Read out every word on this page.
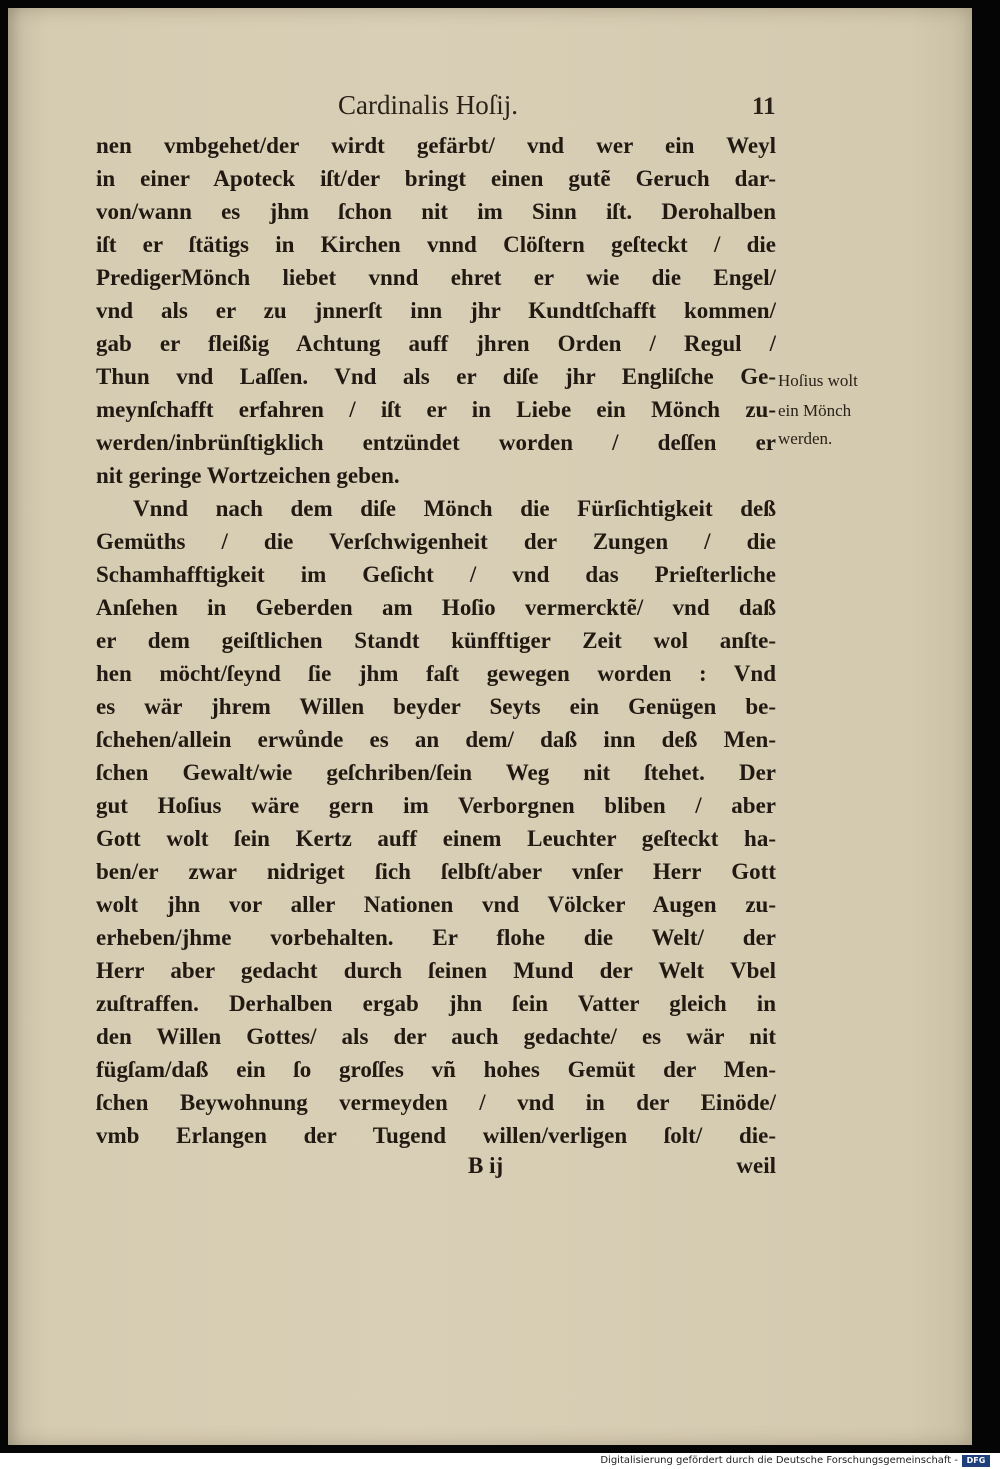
Cardinalis Hoſij.	11
nen vmbgehet/der wirdt gefärbt/ vnd wer ein Weyl
in einer Apoteck iſt/der bringt einen gutẽ Geruch dar-
von/wann es jhm ſchon nit im Sinn iſt. Derohalben
iſt er ſtätigs in Kirchen vnnd Clöſtern geſteckt / die
PredigerMönch liebet vnnd ehret er wie die Engel/
vnd als er zu jnnerſt inn jhr Kundtſchafft kommen/
gab er fleißig Achtung auff jhren Orden / Regul /
Thun vnd Laſſen. Vnd als er diſe jhr Engliſche Ge-
meynſchafft erfahren / iſt er in Liebe ein Mönch zu-
werden/inbrünſtigklich entzündet worden / deſſen er
nit geringe Wortzeichen geben.
Hoſius wolt
ein Mönch
werden.
Vnnd nach dem diſe Mönch die Fürſichtigkeit deß
Gemüths / die Verſchwigenheit der Zungen / die
Schamhafftigkeit im Geſicht / vnd das Prieſterliche
Anſehen in Geberden am Hoſio vermercktẽ/ vnd daß
er dem geiſtlichen Standt künfftiger Zeit wol anſte-
hen möcht/ſeynd ſie jhm faſt gewegen worden : Vnd
es wär jhrem Willen beyder Seyts ein Genügen be-
ſchehen/allein erwůnde es an dem/ daß inn deß Men-
ſchen Gewalt/wie geſchriben/ſein Weg nit ſtehet. Der
gut Hoſius wäre gern im Verborgnen bliben / aber
Gott wolt ſein Kertz auff einem Leuchter geſteckt ha-
ben/er zwar nidriget ſich ſelbſt/aber vnſer Herr Gott
wolt jhn vor aller Nationen vnd Völcker Augen zu-
erheben/jhme vorbehalten. Er flohe die Welt/ der
Herr aber gedacht durch ſeinen Mund der Welt Vbel
zuſtraffen. Derhalben ergab jhn ſein Vatter gleich in
den Willen Gottes/ als der auch gedachte/ es wär nit
fügſam/daß ein ſo groſſes vñ hohes Gemüt der Men-
ſchen Beywohnung vermeyden / vnd in der Einöde/
vmb Erlangen der Tugend willen/verligen ſolt/ die-
B ij	weil
Digitalisierung gefördert durch die Deutsche Forschungsgemeinschaft -	DFG
